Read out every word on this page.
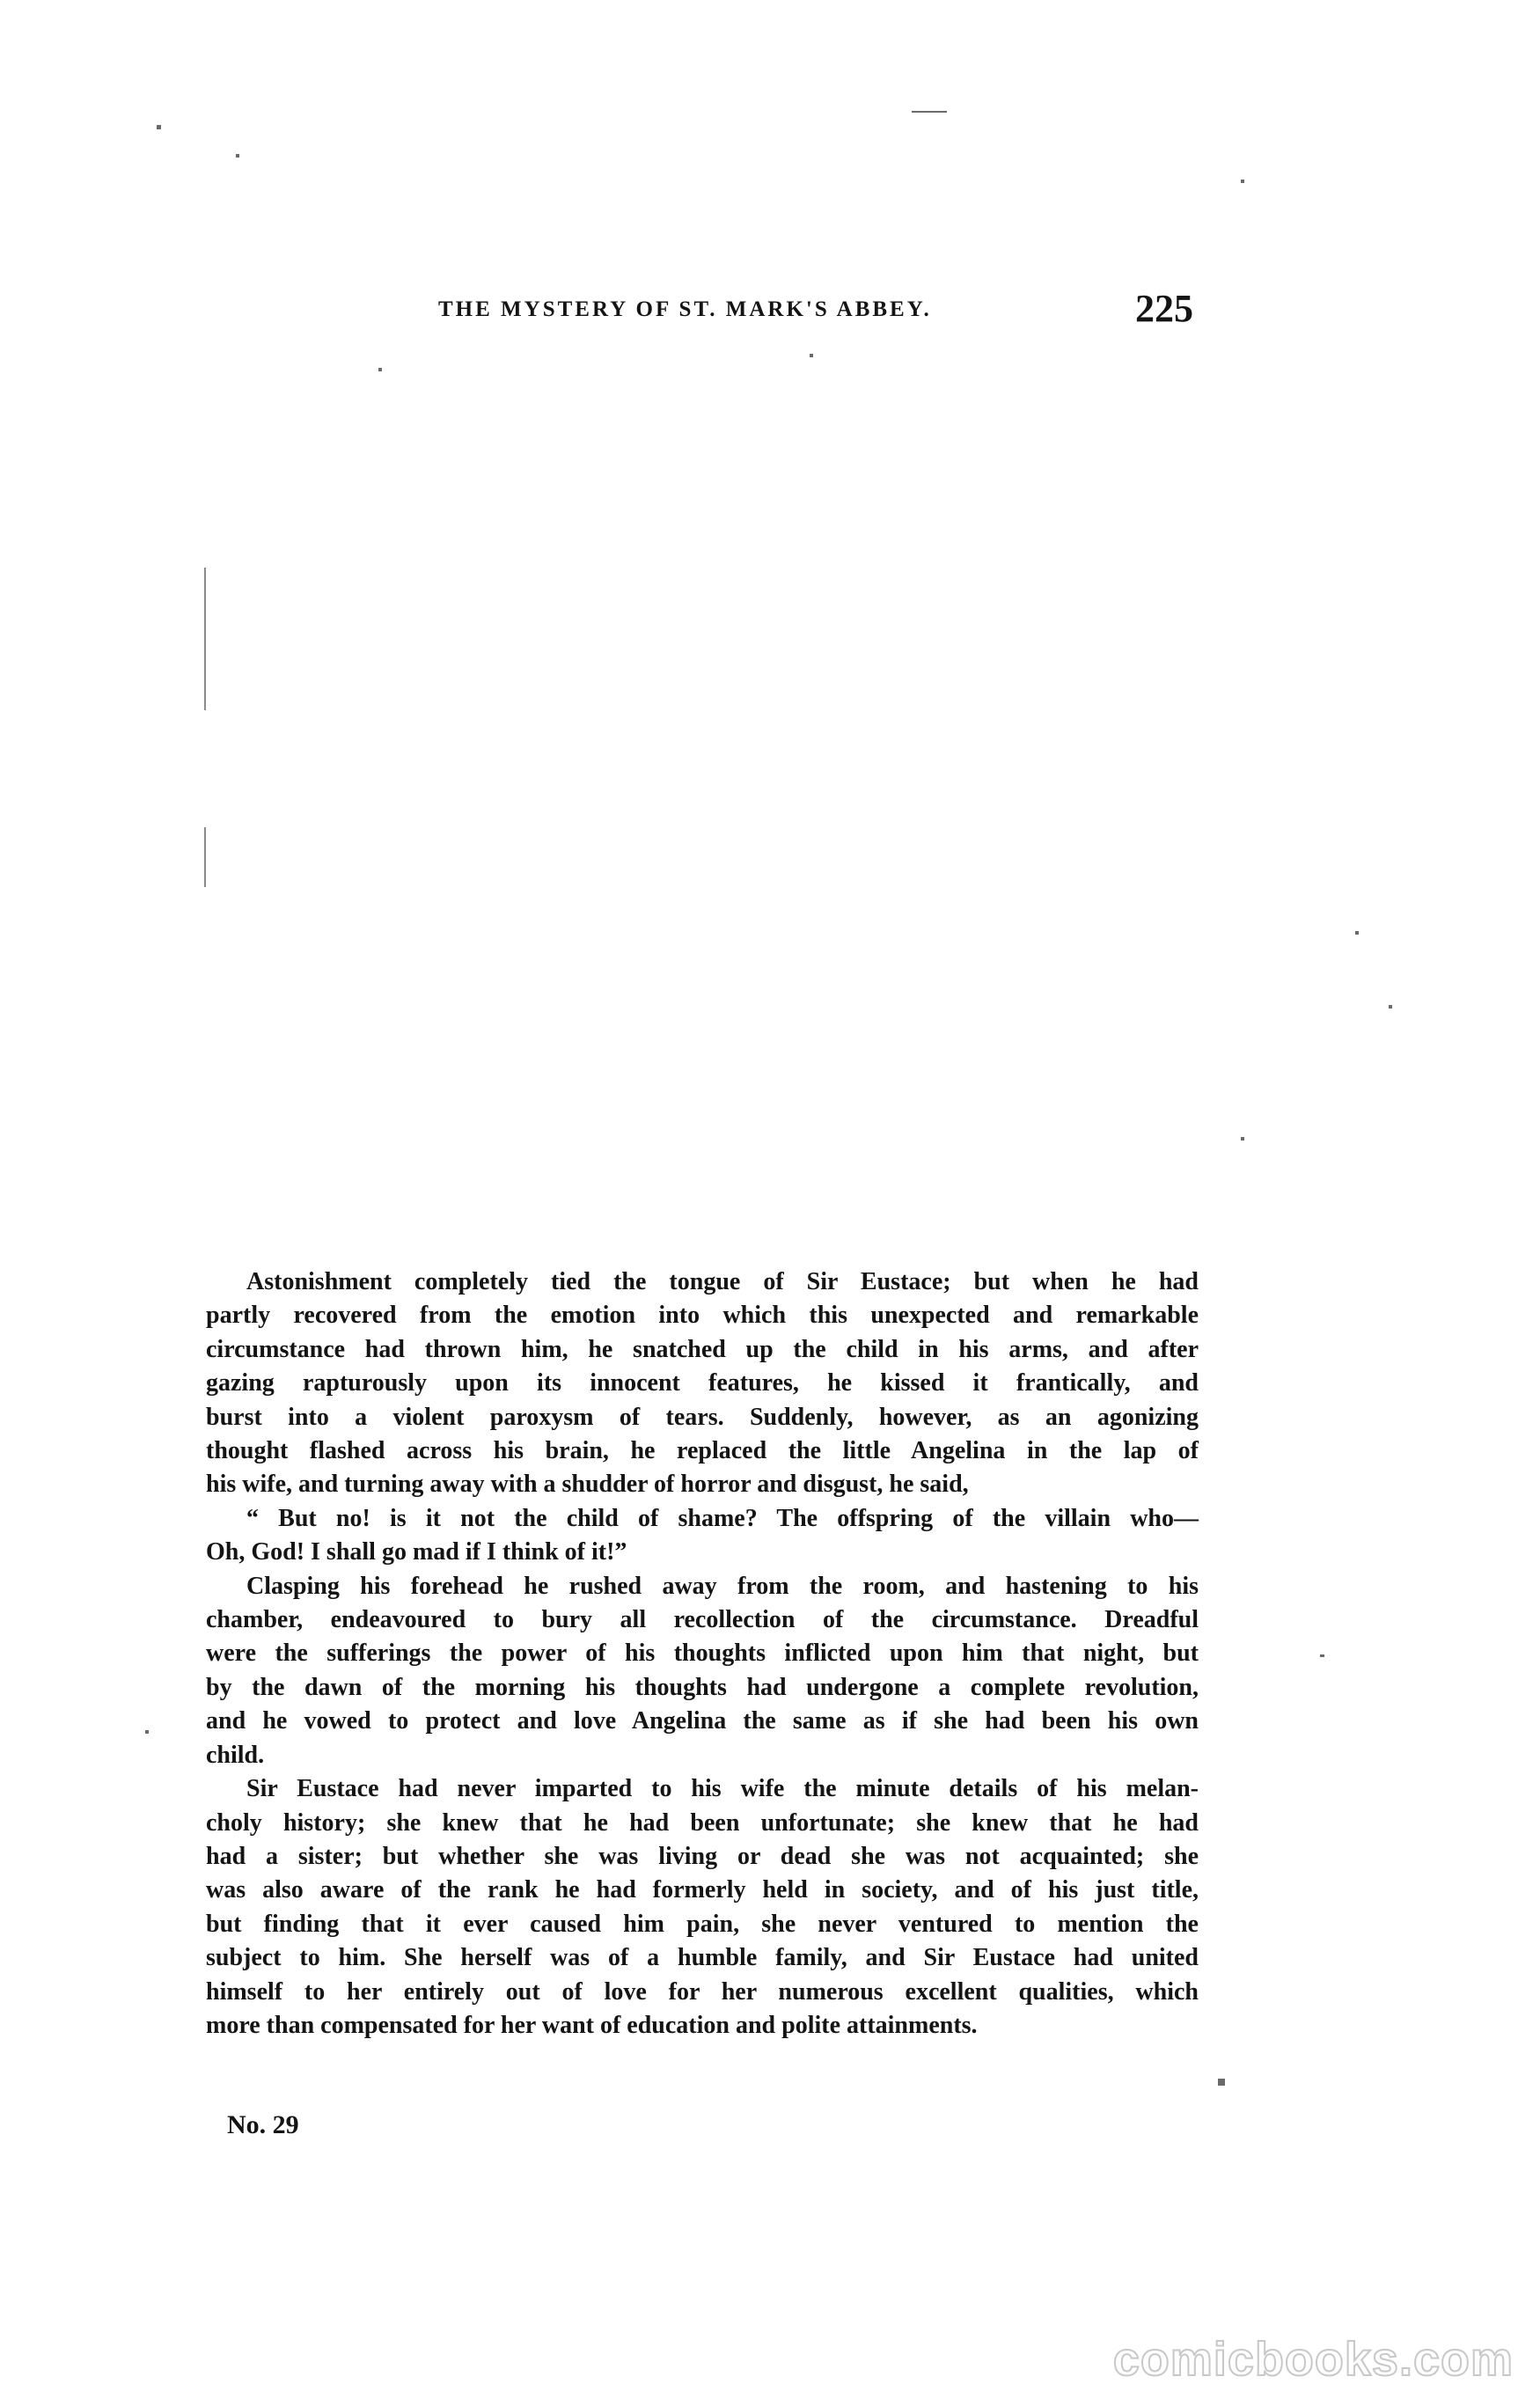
THE MYSTERY OF ST. MARK'S ABBEY.	225
Astonishment completely tied the tongue of Sir Eustace; but when he had
partly recovered from the emotion into which this unexpected and remarkable
circumstance had thrown him, he snatched up the child in his arms, and after
gazing rapturously upon its innocent features, he kissed it frantically, and
burst into a violent paroxysm of tears. Suddenly, however, as an agonizing
thought flashed across his brain, he replaced the little Angelina in the lap of
his wife, and turning away with a shudder of horror and disgust, he said,
“ But no! is it not the child of shame? The offspring of the villain who—
Oh, God! I shall go mad if I think of it!”
Clasping his forehead he rushed away from the room, and hastening to his
chamber, endeavoured to bury all recollection of the circumstance. Dreadful
were the sufferings the power of his thoughts inflicted upon him that night, but
by the dawn of the morning his thoughts had undergone a complete revolution,
and he vowed to protect and love Angelina the same as if she had been his own
child.
Sir Eustace had never imparted to his wife the minute details of his melan-
choly history; she knew that he had been unfortunate; she knew that he had
had a sister; but whether she was living or dead she was not acquainted; she
was also aware of the rank he had formerly held in society, and of his just title,
but finding that it ever caused him pain, she never ventured to mention the
subject to him. She herself was of a humble family, and Sir Eustace had united
himself to her entirely out of love for her numerous excellent qualities, which
more than compensated for her want of education and polite attainments.
No. 29
comicbooks.com
